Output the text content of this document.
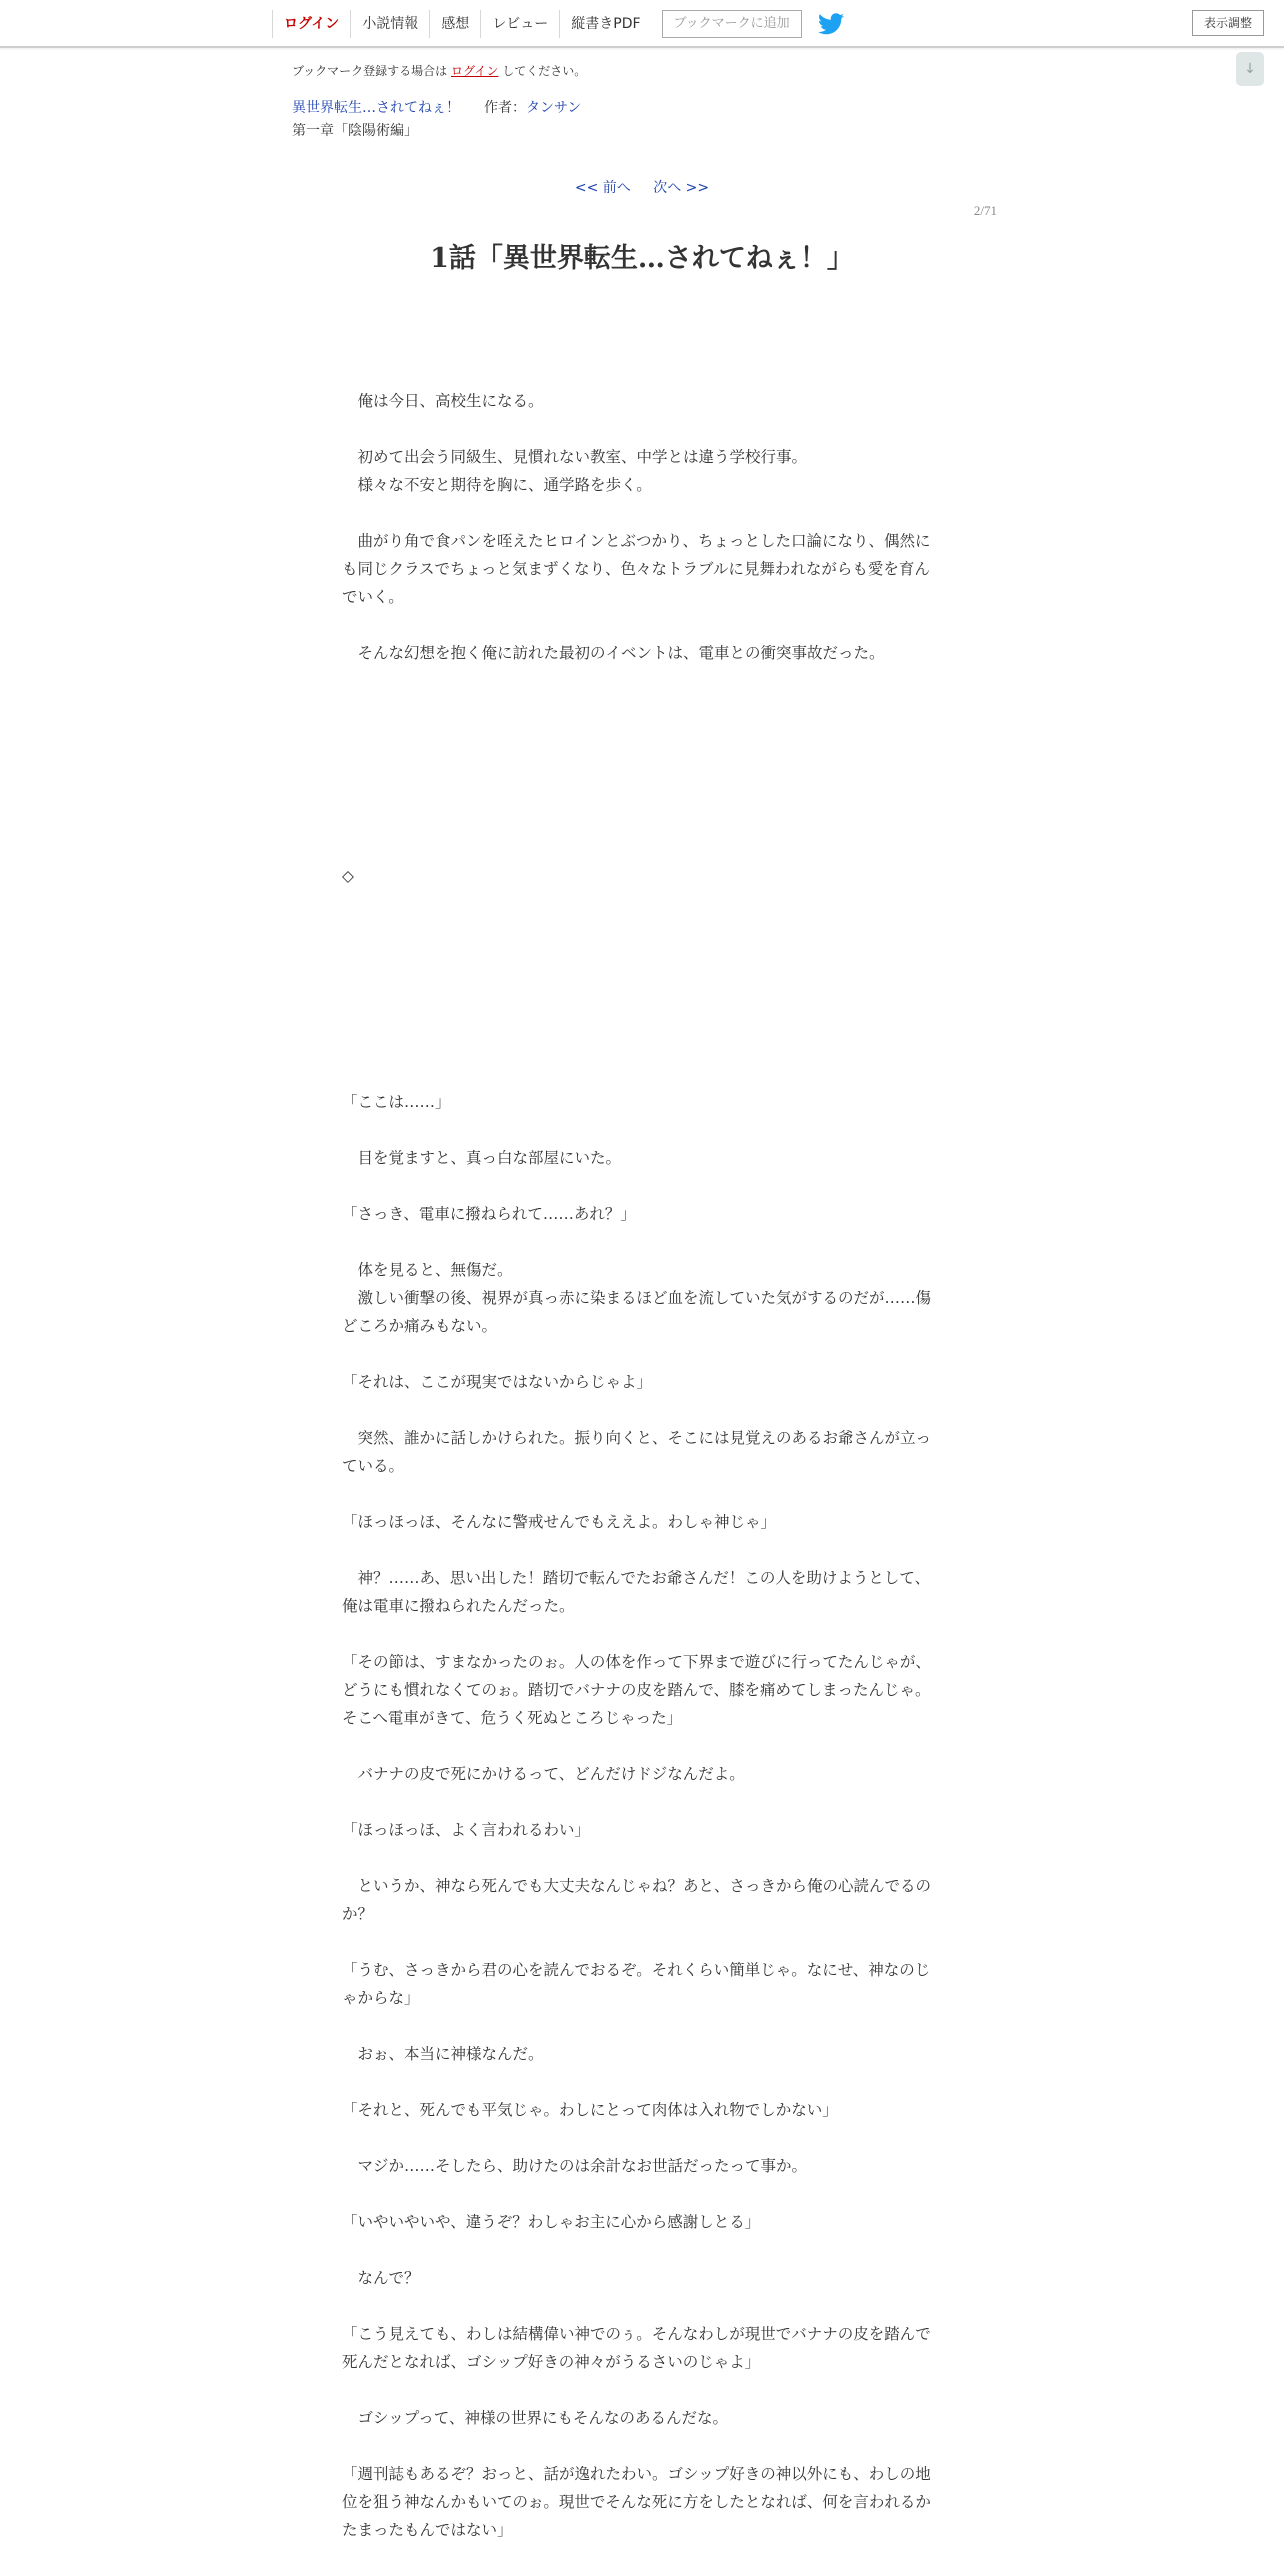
ログイン	小説情報	感想	レビュー	縦書きPDF	ブックマークに追加	表示調整
↓
ブックマーク登録する場合は ログイン してください。
異世界転生…されてねぇ！ 作者：タンサン
第一章「陰陽術編」
<< 前へ 次へ >>
2/71
1話「異世界転生…されてねぇ！」

　俺は今日、高校生になる。

　初めて出会う同級生、見慣れない教室、中学とは違う学校行事。
　様々な不安と期待を胸に、通学路を歩く。

　曲がり角で食パンを咥えたヒロインとぶつかり、ちょっとした口論になり、偶然にも同じクラスでちょっと気まずくなり、色々なトラブルに見舞われながらも愛を育んでいく。

　そんな幻想を抱く俺に訪れた最初のイベントは、電車との衝突事故だった。

◇

「ここは……」

　目を覚ますと、真っ白な部屋にいた。

「さっき、電車に撥ねられて……あれ？」

　体を見ると、無傷だ。
　激しい衝撃の後、視界が真っ赤に染まるほど血を流していた気がするのだが……傷どころか痛みもない。

「それは、ここが現実ではないからじゃよ」

　突然、誰かに話しかけられた。振り向くと、そこには見覚えのあるお爺さんが立っている。

「ほっほっほ、そんなに警戒せんでもええよ。わしゃ神じゃ」

　神？……あ、思い出した！踏切で転んでたお爺さんだ！この人を助けようとして、俺は電車に撥ねられたんだった。

「その節は、すまなかったのぉ。人の体を作って下界まで遊びに行ってたんじゃが、どうにも慣れなくてのぉ。踏切でバナナの皮を踏んで、膝を痛めてしまったんじゃ。そこへ電車がきて、危うく死ぬところじゃった」

　バナナの皮で死にかけるって、どんだけドジなんだよ。

「ほっほっほ、よく言われるわい」

　というか、神なら死んでも大丈夫なんじゃね？あと、さっきから俺の心読んでるのか？

「うむ、さっきから君の心を読んでおるぞ。それくらい簡単じゃ。なにせ、神なのじゃからな」

　おぉ、本当に神様なんだ。

「それと、死んでも平気じゃ。わしにとって肉体は入れ物でしかない」

　マジか……そしたら、助けたのは余計なお世話だったって事か。

「いやいやいや、違うぞ？わしゃお主に心から感謝しとる」

　なんで？

「こう見えても、わしは結構偉い神でのぅ。そんなわしが現世でバナナの皮を踏んで死んだとなれば、ゴシップ好きの神々がうるさいのじゃよ」

　ゴシップって、神様の世界にもそんなのあるんだな。

「週刊誌もあるぞ？おっと、話が逸れたわい。ゴシップ好きの神以外にも、わしの地位を狙う神なんかもいてのぉ。現世でそんな死に方をしたとなれば、何を言われるかたまったもんではない」
